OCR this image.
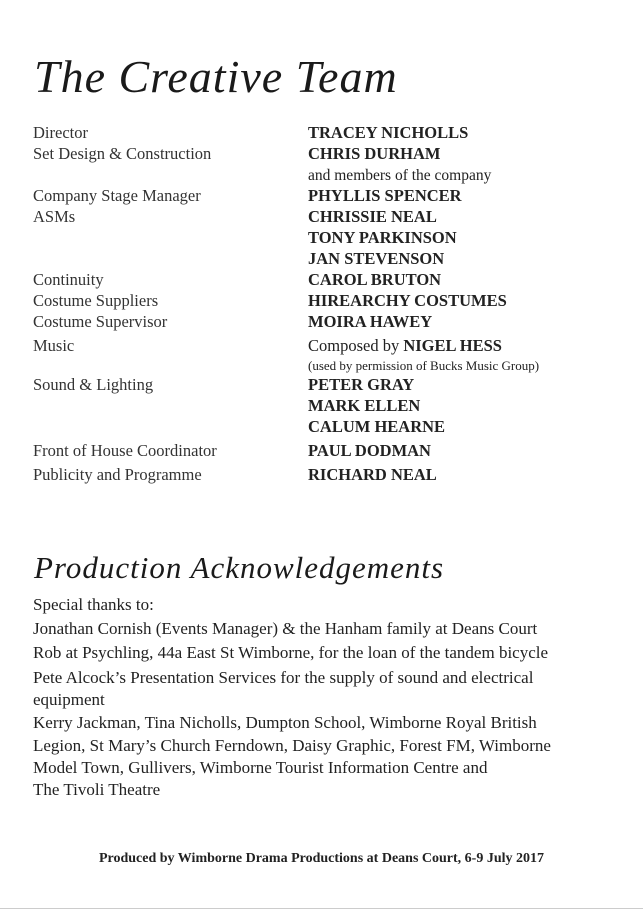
The Creative Team
Director	TRACEY NICHOLLS
Set Design & Construction	CHRIS DURHAM
and members of the company
Company Stage Manager	PHYLLIS SPENCER
ASMs	CHRISSIE NEAL
TONY PARKINSON
JAN STEVENSON
Continuity	CAROL BRUTON
Costume Suppliers	HIREARCHY COSTUMES
Costume Supervisor	MOIRA HAWEY
Music	Composed by NIGEL HESS
(used by permission of Bucks Music Group)
Sound & Lighting	PETER GRAY
MARK ELLEN
CALUM HEARNE
Front of House Coordinator	PAUL DODMAN
Publicity and Programme	RICHARD NEAL
Production Acknowledgements
Special thanks to:
Jonathan Cornish (Events Manager) & the Hanham family at Deans Court
Rob at Psychling, 44a East St Wimborne, for the loan of the tandem bicycle
Pete Alcock’s Presentation Services for the supply of sound and electrical
equipment
Kerry Jackman, Tina Nicholls, Dumpton School, Wimborne Royal British
Legion, St Mary’s Church Ferndown, Daisy Graphic, Forest FM, Wimborne
Model Town, Gullivers, Wimborne Tourist Information Centre and
The Tivoli Theatre
Produced by Wimborne Drama Productions at Deans Court, 6-9 July 2017
